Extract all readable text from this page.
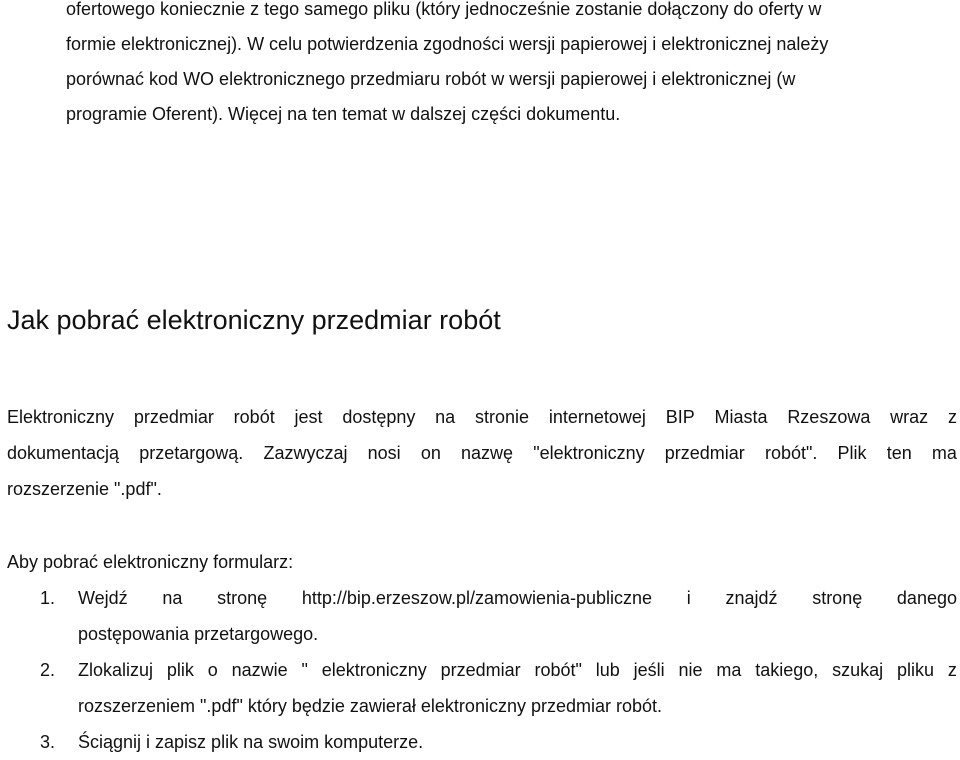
ofertowego koniecznie z tego samego pliku (który jednocześnie zostanie dołączony do oferty w
formie elektronicznej). W celu potwierdzenia zgodności wersji papierowej i elektronicznej należy
porównać kod WO elektronicznego przedmiaru robót w wersji papierowej i elektronicznej (w
programie Oferent). Więcej na ten temat w dalszej części dokumentu.

Jak pobrać elektroniczny przedmiar robót

Elektroniczny przedmiar robót jest dostępny na stronie internetowej BIP Miasta Rzeszowa wraz z
dokumentacją przetargową. Zazwyczaj nosi on nazwę "elektroniczny przedmiar robót". Plik ten ma
rozszerzenie ".pdf".

Aby pobrać elektroniczny formularz:

1. Wejdź na stronę http://bip.erzeszow.pl/zamowienia-publiczne i znajdź stronę danego
postępowania przetargowego.
2. Zlokalizuj plik o nazwie " elektroniczny przedmiar robót" lub jeśli nie ma takiego, szukaj pliku z
rozszerzeniem ".pdf" który będzie zawierał elektroniczny przedmiar robót.
3. Ściągnij i zapisz plik na swoim komputerze.
